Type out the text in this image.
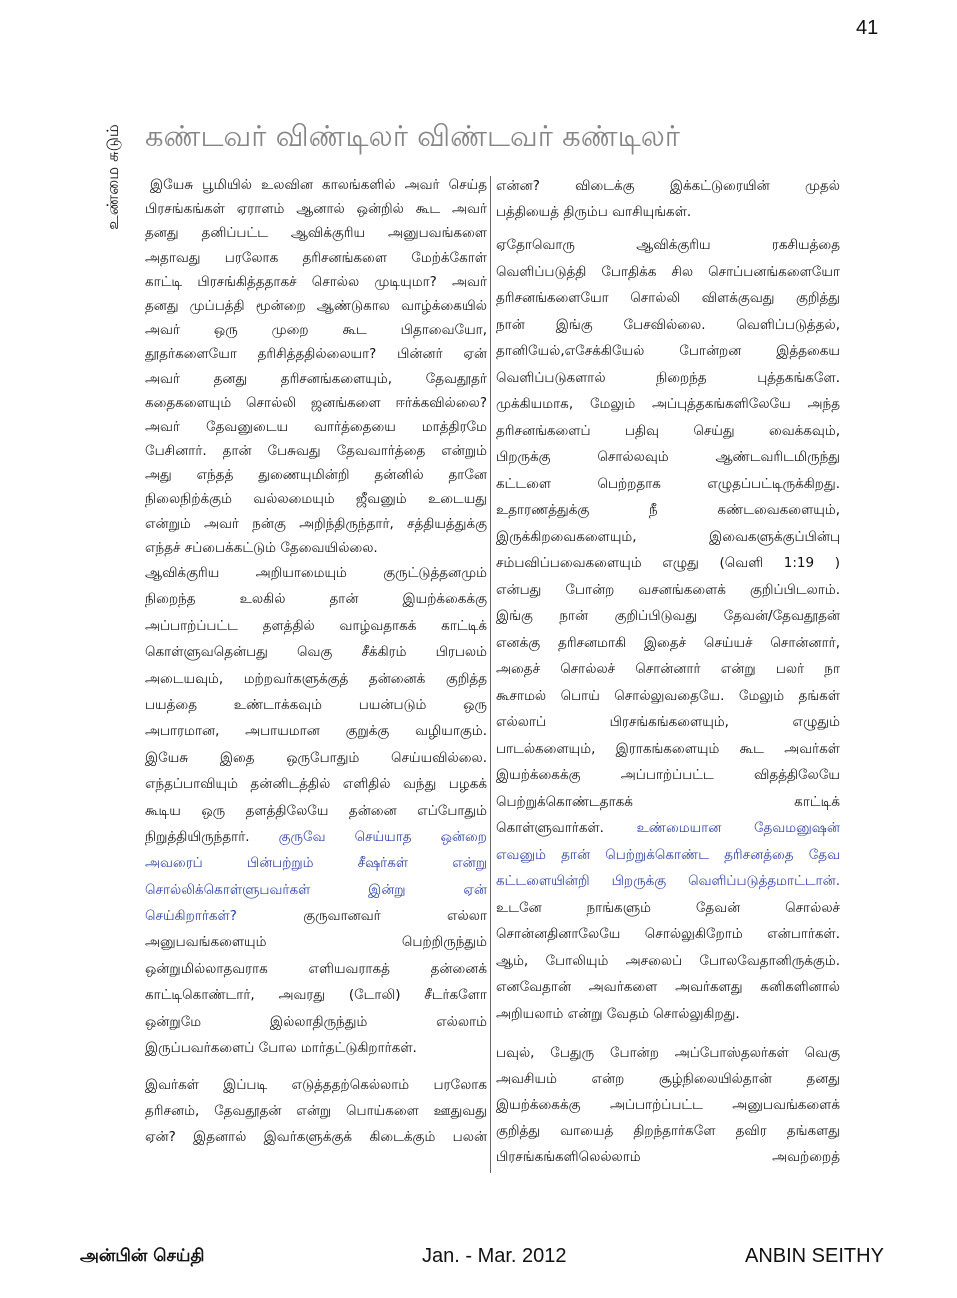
41
உண்மை சுடும் கண்டவர் விண்டிலர் விண்டவர் கண்டிலர்
இயேசு பூமியில் உலவின காலங்களில் அவர் செய்த
பிரசங்கங்கள் ஏராளம் ஆனால் ஒன்றில் கூட அவர்
தனது தனிப்பட்ட ஆவிக்குரிய அனுபவங்களை
அதாவது பரலோக தரிசனங்களை மேற்க்கோள்
காட்டி பிரசங்கித்ததாகச் சொல்ல முடியுமா? அவர்
தனது முப்பத்தி மூன்றை ஆண்டுகால வாழ்க்கையில்
அவர் ஒரு முறை கூட பிதாவையோ,
தூதர்களையோ தரிசித்ததில்லையா? பின்னர் ஏன்
அவர் தனது தரிசனங்களையும், தேவதூதர்
கதைகளையும் சொல்லி ஜனங்களை ஈர்க்கவில்லை?
அவர் தேவனுடைய வார்த்தையை மாத்திரமே
பேசினார். தான் பேசுவது தேவவார்த்தை என்றும்
அது எந்தத் துணையுமின்றி தன்னில் தானே
நிலைநிற்க்கும் வல்லமையும் ஜீவனும் உடையது
என்றும் அவர் நன்கு அறிந்திருந்தார், சத்தியத்துக்கு
எந்தச் சப்பைக்கட்டும் தேவையில்லை.
ஆவிக்குரிய அறியாமையும் குருட்டுத்தனமும்
நிறைந்த உலகில் தான் இயற்க்கைக்கு
அப்பாற்ப்பட்ட தளத்தில் வாழ்வதாகக் காட்டிக்
கொள்ளுவதென்பது வெகு சீக்கிரம் பிரபலம்
அடையவும், மற்றவர்களுக்குத் தன்னைக் குறித்த
பயத்தை உண்டாக்கவும் பயன்படும் ஒரு
அபாரமான, அபாயமான குறுக்கு வழியாகும்.
இயேசு இதை ஒருபோதும் செய்யவில்லை.
எந்தப்பாவியும் தன்னிடத்தில் எளிதில் வந்து பழகக்
கூடிய ஒரு தளத்திலேயே தன்னை எப்போதும்
நிறுத்தியிருந்தார். குருவே செய்யாத ஒன்றை
அவரைப் பின்பற்றும் சீஷர்கள் என்று
சொல்லிக்கொள்ளுபவர்கள் இன்று ஏன்
செய்கிறார்கள்? குருவானவர் எல்லா
அனுபவங்களையும் பெற்றிருந்தும்
ஒன்றுமில்லாதவராக எளியவராகத் தன்னைக்
காட்டிகொண்டார், அவரது (டோலி) சீடர்களோ
ஒன்றுமே இல்லாதிருந்தும் எல்லாம்
இருப்பவர்களைப் போல மார்தட்டுகிறார்கள்.
இவர்கள் இப்படி எடுத்ததற்கெல்லாம் பரலோக
தரிசனம், தேவதூதன் என்று பொய்களை ஊதுவது
ஏன்? இதனால் இவர்களுக்குக் கிடைக்கும் பலன்
என்ன? விடைக்கு இக்கட்டுரையின் முதல்
பத்தியைத் திரும்ப வாசியுங்கள்.
ஏதோவொரு ஆவிக்குரிய ரகசியத்தை
வெளிப்படுத்தி போதிக்க சில சொப்பனங்களையோ
தரிசனங்களையோ சொல்லி விளக்குவது குறித்து
நான் இங்கு பேசவில்லை. வெளிப்படுத்தல்,
தானியேல்,எசேக்கியேல் போன்றன இத்தகைய
வெளிப்படுகளால் நிறைந்த புத்தகங்களே.
முக்கியமாக, மேலும் அப்புத்தகங்களிலேயே அந்த
தரிசனங்களைப் பதிவு செய்து வைக்கவும்,
பிறருக்கு சொல்லவும் ஆண்டவரிடமிருந்து
கட்டளை பெற்றதாக எழுதப்பட்டிருக்கிறது.
உதாரணத்துக்கு நீ கண்டவைகளையும்,
இருக்கிறவைகளையும், இவைகளுக்குப்பின்பு
சம்பவிப்பவைகளையும் எழுது (வெளி 1:19 )
என்பது போன்ற வசனங்களைக் குறிப்பிடலாம்.
இங்கு நான் குறிப்பிடுவது தேவன்/தேவதூதன்
எனக்கு தரிசனமாகி இதைச் செய்யச் சொன்னார்,
அதைச் சொல்லச் சொன்னார் என்று பலர் நா
கூசாமல் பொய் சொல்லுவதையே. மேலும் தங்கள்
எல்லாப் பிரசங்கங்களையும், எழுதும்
பாடல்களையும், இராகங்களையும் கூட அவர்கள்
இயற்க்கைக்கு அப்பாற்ப்பட்ட விதத்திலேயே
பெற்றுக்கொண்டதாகக் காட்டிக்
கொள்ளுவார்கள். உண்மையான தேவமனுஷன்
எவனும் தான் பெற்றுக்கொண்ட தரிசனத்தை தேவ
கட்டளையின்றி பிறருக்கு வெளிப்படுத்தமாட்டான்.
உடனே நாங்களும் தேவன் சொல்லச்
சொன்னதினாலேயே சொல்லுகிறோம் என்பார்கள்.
ஆம், போலியும் அசலைப் போலவேதானிருக்கும்.
எனவேதான் அவர்களை அவர்களது கனிகளினால்
அறியலாம் என்று வேதம் சொல்லுகிறது.
பவுல், பேதுரு போன்ற அப்போஸ்தலர்கள் வெகு
அவசியம் என்ற சூழ்நிலையில்தான் தனது
இயற்க்கைக்கு அப்பாற்ப்பட்ட அனுபவங்களைக்
குறித்து வாயைத் திறந்தார்களே தவிர தங்களது
பிரசங்கங்களிலெல்லாம் அவற்றைத்
அன்பின் செய்தி	Jan. - Mar. 2012	ANBIN SEITHY
